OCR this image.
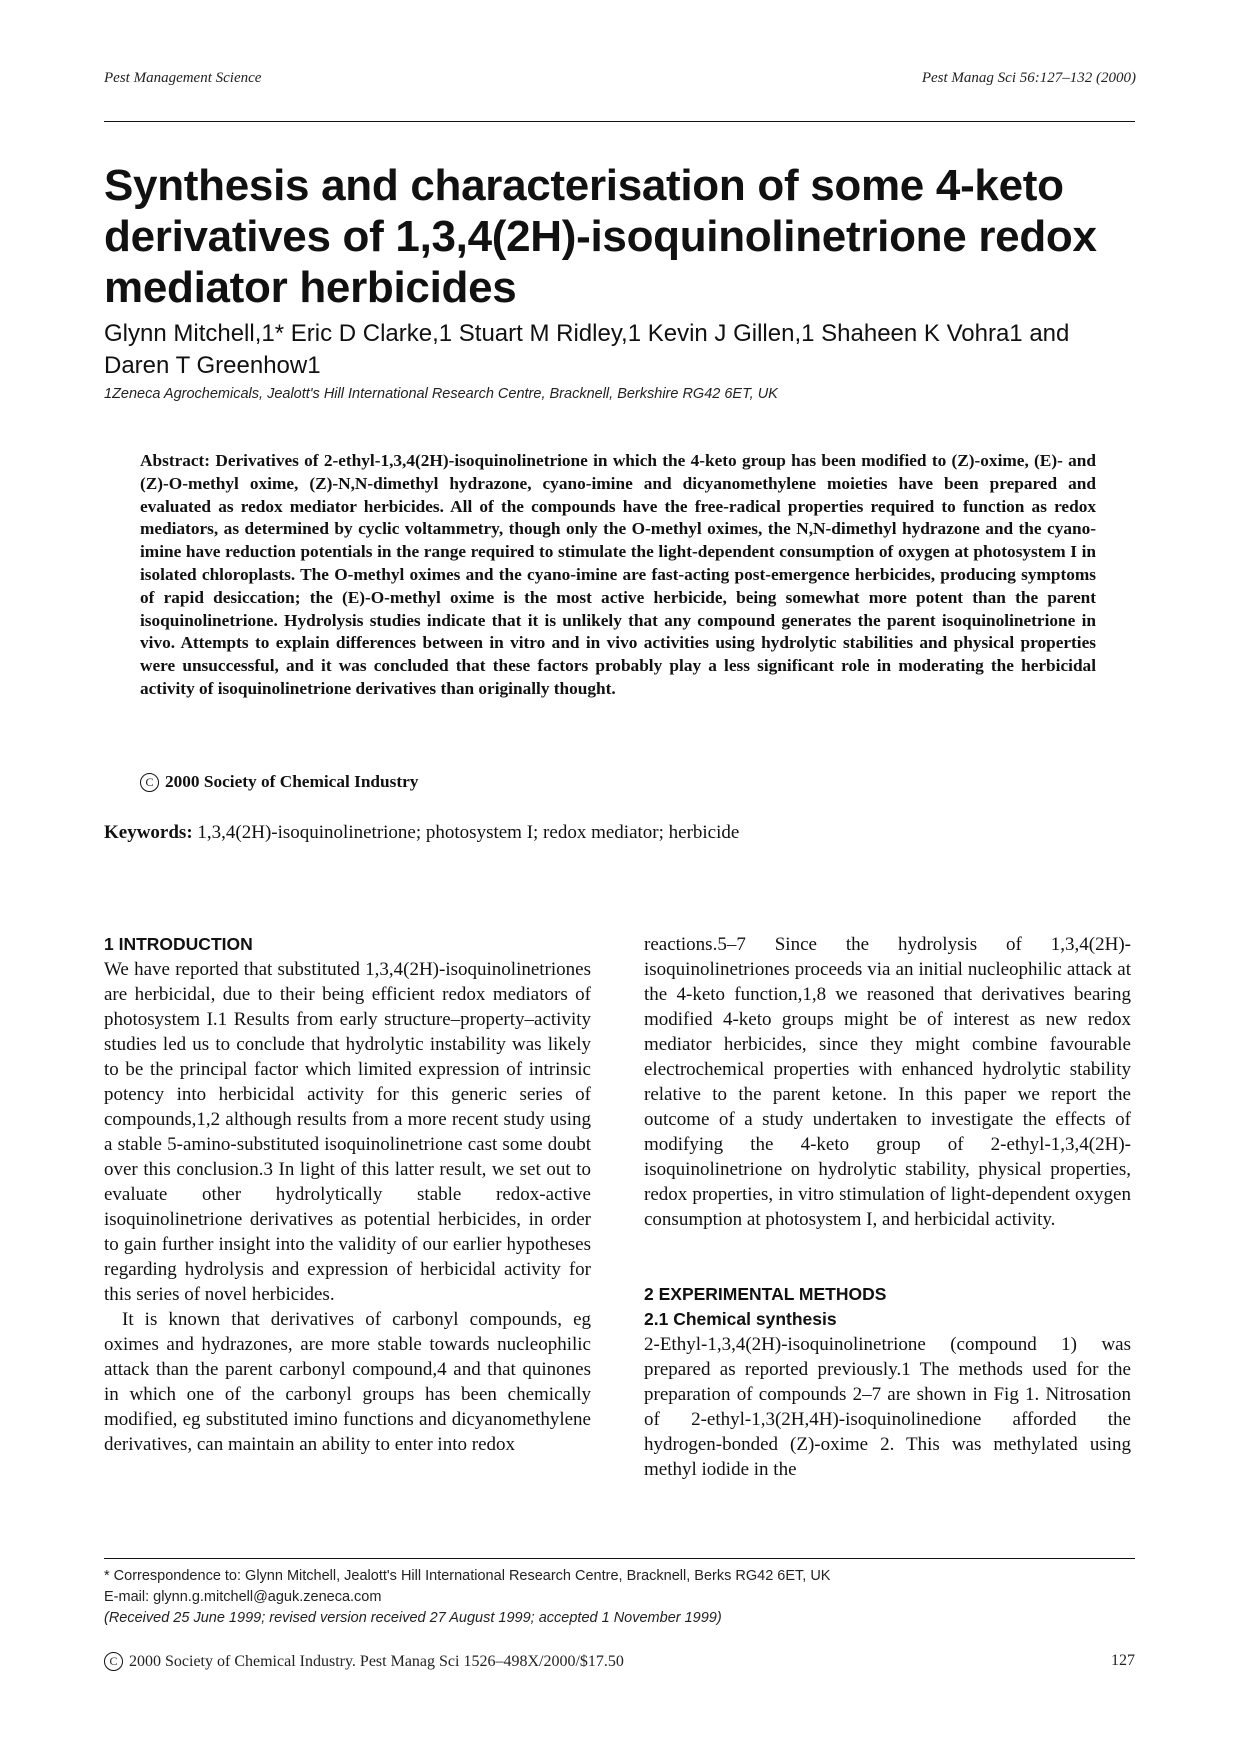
Pest Management Science	Pest Manag Sci 56:127–132 (2000)
Synthesis and characterisation of some 4-keto derivatives of 1,3,4(2H)-isoquinolinetrione redox mediator herbicides

Glynn Mitchell,1* Eric D Clarke,1 Stuart M Ridley,1 Kevin J Gillen,1 Shaheen K Vohra1 and Daren T Greenhow1

1Zeneca Agrochemicals, Jealott's Hill International Research Centre, Bracknell, Berkshire RG42 6ET, UK

Abstract: Derivatives of 2-ethyl-1,3,4(2H)-isoquinolinetrione in which the 4-keto group has been modified to (Z)-oxime, (E)- and (Z)-O-methyl oxime, (Z)-N,N-dimethyl hydrazone, cyano-imine and dicyanomethylene moieties have been prepared and evaluated as redox mediator herbicides. All of the compounds have the free-radical properties required to function as redox mediators, as determined by cyclic voltammetry, though only the O-methyl oximes, the N,N-dimethyl hydrazone and the cyano-imine have reduction potentials in the range required to stimulate the light-dependent consumption of oxygen at photosystem I in isolated chloroplasts. The O-methyl oximes and the cyano-imine are fast-acting post-emergence herbicides, producing symptoms of rapid desiccation; the (E)-O-methyl oxime is the most active herbicide, being somewhat more potent than the parent isoquinolinetrione. Hydrolysis studies indicate that it is unlikely that any compound generates the parent isoquinolinetrione in vivo. Attempts to explain differences between in vitro and in vivo activities using hydrolytic stabilities and physical properties were unsuccessful, and it was concluded that these factors probably play a less significant role in moderating the herbicidal activity of isoquinolinetrione derivatives than originally thought.
C 2000 Society of Chemical Industry

Keywords: 1,3,4(2H)-isoquinolinetrione; photosystem I; redox mediator; herbicide

1 INTRODUCTION

We have reported that substituted 1,3,4(2H)-isoquinolinetriones are herbicidal, due to their being efficient redox mediators of photosystem I.1 Results from early structure–property–activity studies led us to conclude that hydrolytic instability was likely to be the principal factor which limited expression of intrinsic potency into herbicidal activity for this generic series of compounds,1,2 although results from a more recent study using a stable 5-amino-substituted isoquinolinetrione cast some doubt over this conclusion.3 In light of this latter result, we set out to evaluate other hydrolytically stable redox-active isoquinolinetrione derivatives as potential herbicides, in order to gain further insight into the validity of our earlier hypotheses regarding hydrolysis and expression of herbicidal activity for this series of novel herbicides.

It is known that derivatives of carbonyl compounds, eg oximes and hydrazones, are more stable towards nucleophilic attack than the parent carbonyl compound,4 and that quinones in which one of the carbonyl groups has been chemically modified, eg substituted imino functions and dicyanomethylene derivatives, can maintain an ability to enter into redox

reactions.5–7 Since the hydrolysis of 1,3,4(2H)-isoquinolinetriones proceeds via an initial nucleophilic attack at the 4-keto function,1,8 we reasoned that derivatives bearing modified 4-keto groups might be of interest as new redox mediator herbicides, since they might combine favourable electrochemical properties with enhanced hydrolytic stability relative to the parent ketone. In this paper we report the outcome of a study undertaken to investigate the effects of modifying the 4-keto group of 2-ethyl-1,3,4(2H)-isoquinolinetrione on hydrolytic stability, physical properties, redox properties, in vitro stimulation of light-dependent oxygen consumption at photosystem I, and herbicidal activity.

2 EXPERIMENTAL METHODS
2.1 Chemical synthesis

2-Ethyl-1,3,4(2H)-isoquinolinetrione (compound 1) was prepared as reported previously.1 The methods used for the preparation of compounds 2–7 are shown in Fig 1. Nitrosation of 2-ethyl-1,3(2H,4H)-isoquinolinedione afforded the hydrogen-bonded (Z)-oxime 2. This was methylated using methyl iodide in the

* Correspondence to: Glynn Mitchell, Jealott's Hill International Research Centre, Bracknell, Berks RG42 6ET, UK
E-mail: glynn.g.mitchell@aguk.zeneca.com
(Received 25 June 1999; revised version received 27 August 1999; accepted 1 November 1999)
C 2000 Society of Chemical Industry. Pest Manag Sci 1526–498X/2000/$17.50	127
